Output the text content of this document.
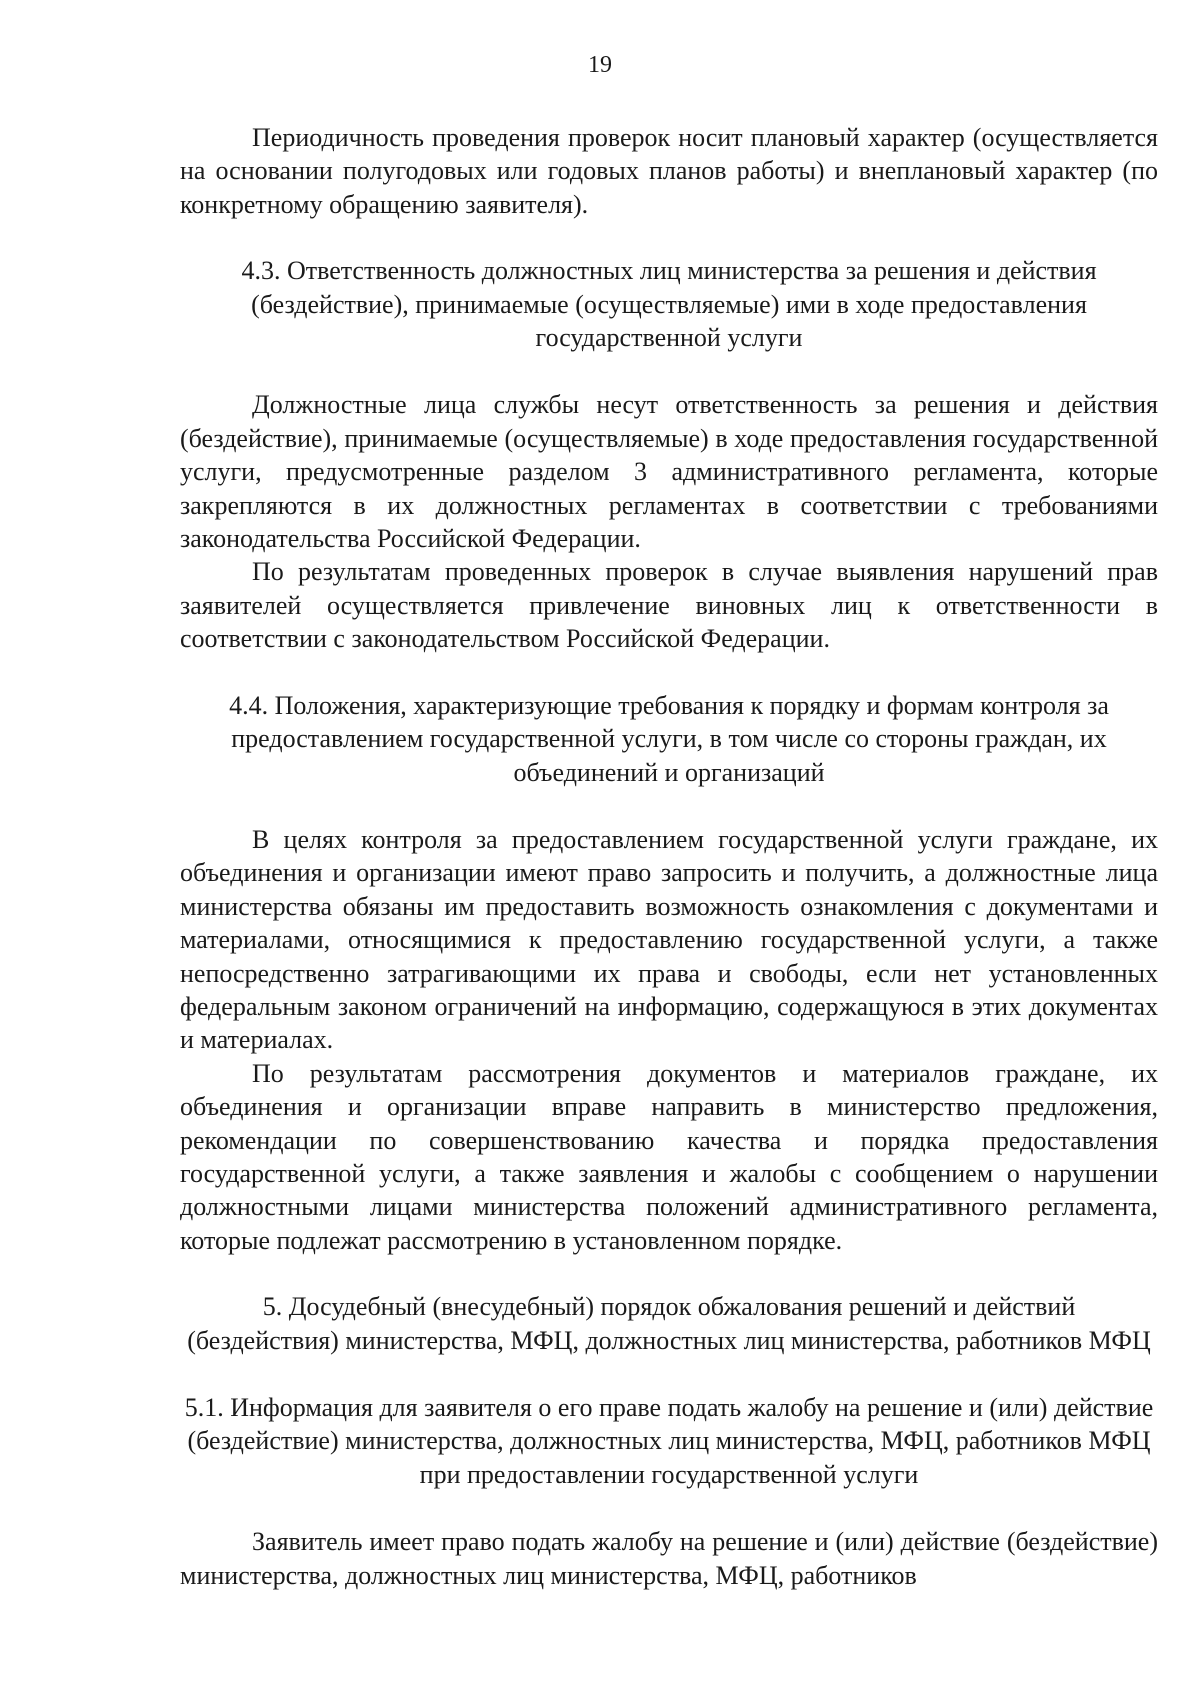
19

Периодичность проведения проверок носит плановый характер (осуществляется на основании полугодовых или годовых планов работы) и внеплановый характер (по конкретному обращению заявителя).

4.3. Ответственность должностных лиц министерства за решения и действия (бездействие), принимаемые (осуществляемые) ими в ходе предоставления государственной услуги

Должностные лица службы несут ответственность за решения и действия (бездействие), принимаемые (осуществляемые) в ходе предоставления государственной услуги, предусмотренные разделом 3 административного регламента, которые закрепляются в их должностных регламентах в соответствии с требованиями законодательства Российской Федерации.

По результатам проведенных проверок в случае выявления нарушений прав заявителей осуществляется привлечение виновных лиц к ответственности в соответствии с законодательством Российской Федерации.

4.4. Положения, характеризующие требования к порядку и формам контроля за предоставлением государственной услуги, в том числе со стороны граждан, их объединений и организаций

В целях контроля за предоставлением государственной услуги граждане, их объединения и организации имеют право запросить и получить, а должностные лица министерства обязаны им предоставить возможность ознакомления с документами и материалами, относящимися к предоставлению государственной услуги, а также непосредственно затрагивающими их права и свободы, если нет установленных федеральным законом ограничений на информацию, содержащуюся в этих документах и материалах.

По результатам рассмотрения документов и материалов граждане, их объединения и организации вправе направить в министерство предложения, рекомендации по совершенствованию качества и порядка предоставления государственной услуги, а также заявления и жалобы с сообщением о нарушении должностными лицами министерства положений административного регламента, которые подлежат рассмотрению в установленном порядке.

5. Досудебный (внесудебный) порядок обжалования решений и действий (бездействия) министерства, МФЦ, должностных лиц министерства, работников МФЦ

5.1. Информация для заявителя о его праве подать жалобу на решение и (или) действие (бездействие) министерства, должностных лиц министерства, МФЦ, работников МФЦ при предоставлении государственной услуги

Заявитель имеет право подать жалобу на решение и (или) действие (бездействие) министерства, должностных лиц министерства, МФЦ, работников
